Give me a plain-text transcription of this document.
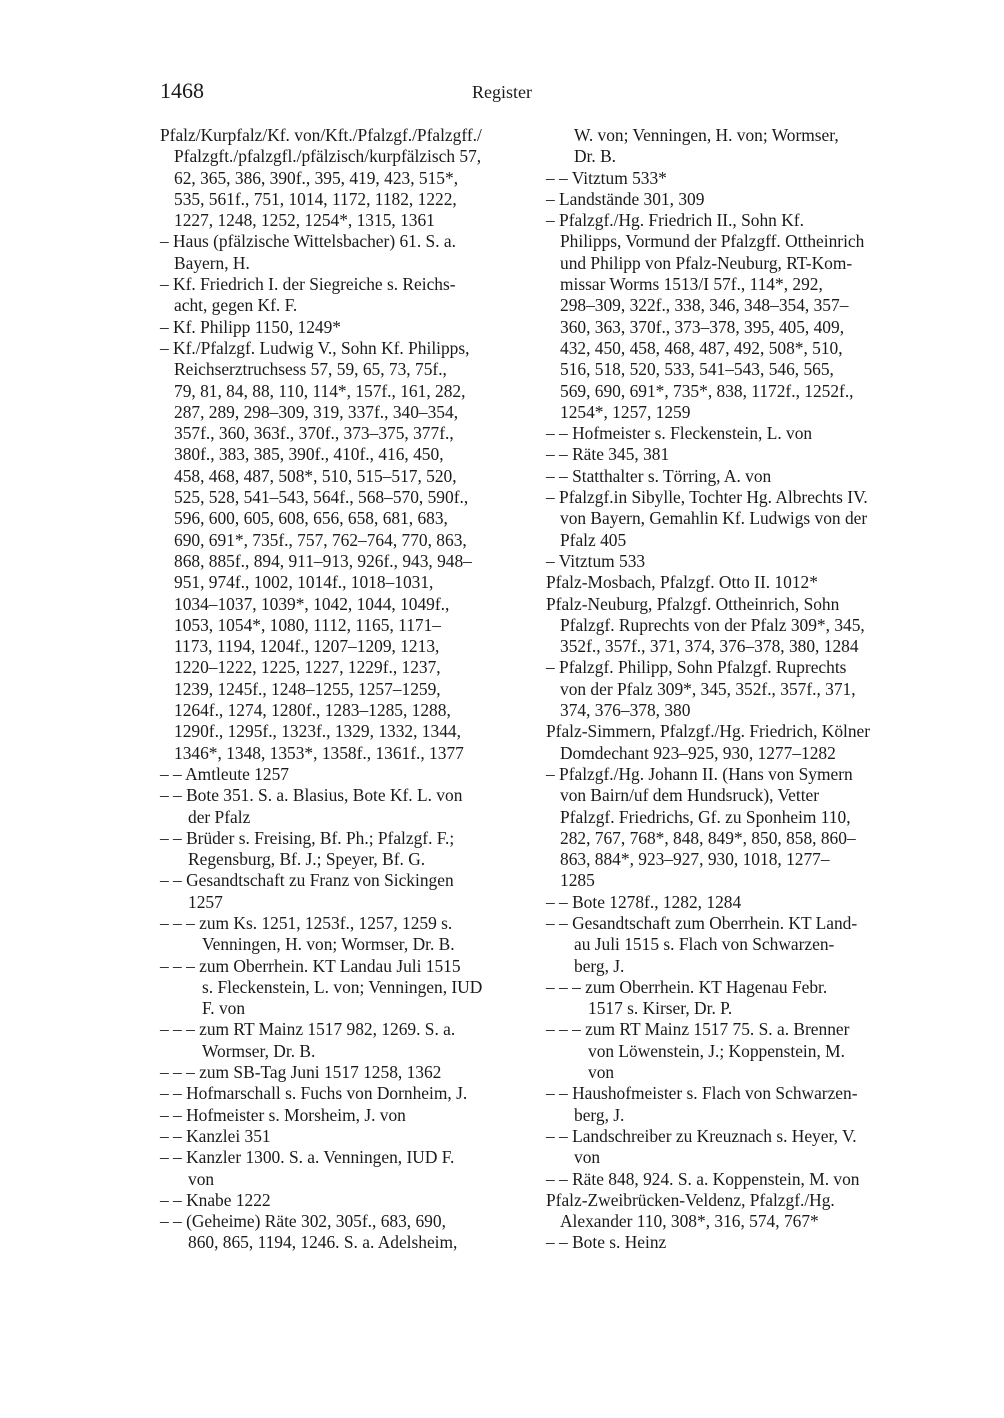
1468	Register
Pfalz/Kurpfalz/Kf. von/Kft./Pfalzgf./Pfalzgff./
Pfalzgft./pfalzgfl./pfälzisch/kurpfälzisch 57,
62, 365, 386, 390f., 395, 419, 423, 515*,
535, 561f., 751, 1014, 1172, 1182, 1222,
1227, 1248, 1252, 1254*, 1315, 1361
– Haus (pfälzische Wittelsbacher) 61. S. a.
Bayern, H.
– Kf. Friedrich I. der Siegreiche s. Reichs-
acht, gegen Kf. F.
– Kf. Philipp 1150, 1249*
– Kf./Pfalzgf. Ludwig V., Sohn Kf. Philipps,
Reichserztruchsess 57, 59, 65, 73, 75f.,
79, 81, 84, 88, 110, 114*, 157f., 161, 282,
287, 289, 298–309, 319, 337f., 340–354,
357f., 360, 363f., 370f., 373–375, 377f.,
380f., 383, 385, 390f., 410f., 416, 450,
458, 468, 487, 508*, 510, 515–517, 520,
525, 528, 541–543, 564f., 568–570, 590f.,
596, 600, 605, 608, 656, 658, 681, 683,
690, 691*, 735f., 757, 762–764, 770, 863,
868, 885f., 894, 911–913, 926f., 943, 948–
951, 974f., 1002, 1014f., 1018–1031,
1034–1037, 1039*, 1042, 1044, 1049f.,
1053, 1054*, 1080, 1112, 1165, 1171–
1173, 1194, 1204f., 1207–1209, 1213,
1220–1222, 1225, 1227, 1229f., 1237,
1239, 1245f., 1248–1255, 1257–1259,
1264f., 1274, 1280f., 1283–1285, 1288,
1290f., 1295f., 1323f., 1329, 1332, 1344,
1346*, 1348, 1353*, 1358f., 1361f., 1377
– – Amtleute 1257
– – Bote 351. S. a. Blasius, Bote Kf. L. von
der Pfalz
– – Brüder s. Freising, Bf. Ph.; Pfalzgf. F.;
Regensburg, Bf. J.; Speyer, Bf. G.
– – Gesandtschaft zu Franz von Sickingen
1257
– – – zum Ks. 1251, 1253f., 1257, 1259 s.
Venningen, H. von; Wormser, Dr. B.
– – – zum Oberrhein. KT Landau Juli 1515
s. Fleckenstein, L. von; Venningen, IUD
F. von
– – – zum RT Mainz 1517 982, 1269. S. a.
Wormser, Dr. B.
– – – zum SB-Tag Juni 1517 1258, 1362
– – Hofmarschall s. Fuchs von Dornheim, J.
– – Hofmeister s. Morsheim, J. von
– – Kanzlei 351
– – Kanzler 1300. S. a. Venningen, IUD F.
von
– – Knabe 1222
– – (Geheime) Räte 302, 305f., 683, 690,
860, 865, 1194, 1246. S. a. Adelsheim,
W. von; Venningen, H. von; Wormser,
Dr. B.
– – Vitztum 533*
– Landstände 301, 309
– Pfalzgf./Hg. Friedrich II., Sohn Kf.
Philipps, Vormund der Pfalzgff. Ottheinrich
und Philipp von Pfalz-Neuburg, RT-Kom-
missar Worms 1513/I 57f., 114*, 292,
298–309, 322f., 338, 346, 348–354, 357–
360, 363, 370f., 373–378, 395, 405, 409,
432, 450, 458, 468, 487, 492, 508*, 510,
516, 518, 520, 533, 541–543, 546, 565,
569, 690, 691*, 735*, 838, 1172f., 1252f.,
1254*, 1257, 1259
– – Hofmeister s. Fleckenstein, L. von
– – Räte 345, 381
– – Statthalter s. Törring, A. von
– Pfalzgf.in Sibylle, Tochter Hg. Albrechts IV.
von Bayern, Gemahlin Kf. Ludwigs von der
Pfalz 405
– Vitztum 533
Pfalz-Mosbach, Pfalzgf. Otto II. 1012*
Pfalz-Neuburg, Pfalzgf. Ottheinrich, Sohn
Pfalzgf. Ruprechts von der Pfalz 309*, 345,
352f., 357f., 371, 374, 376–378, 380, 1284
– Pfalzgf. Philipp, Sohn Pfalzgf. Ruprechts
von der Pfalz 309*, 345, 352f., 357f., 371,
374, 376–378, 380
Pfalz-Simmern, Pfalzgf./Hg. Friedrich, Kölner
Domdechant 923–925, 930, 1277–1282
– Pfalzgf./Hg. Johann II. (Hans von Symern
von Bairn/uf dem Hundsruck), Vetter
Pfalzgf. Friedrichs, Gf. zu Sponheim 110,
282, 767, 768*, 848, 849*, 850, 858, 860–
863, 884*, 923–927, 930, 1018, 1277–
1285
– – Bote 1278f., 1282, 1284
– – Gesandtschaft zum Oberrhein. KT Land-
au Juli 1515 s. Flach von Schwarzen-
berg, J.
– – – zum Oberrhein. KT Hagenau Febr.
1517 s. Kirser, Dr. P.
– – – zum RT Mainz 1517 75. S. a. Brenner
von Löwenstein, J.; Koppenstein, M.
von
– – Haushofmeister s. Flach von Schwarzen-
berg, J.
– – Landschreiber zu Kreuznach s. Heyer, V.
von
– – Räte 848, 924. S. a. Koppenstein, M. von
Pfalz-Zweibrücken-Veldenz, Pfalzgf./Hg.
Alexander 110, 308*, 316, 574, 767*
– – Bote s. Heinz
